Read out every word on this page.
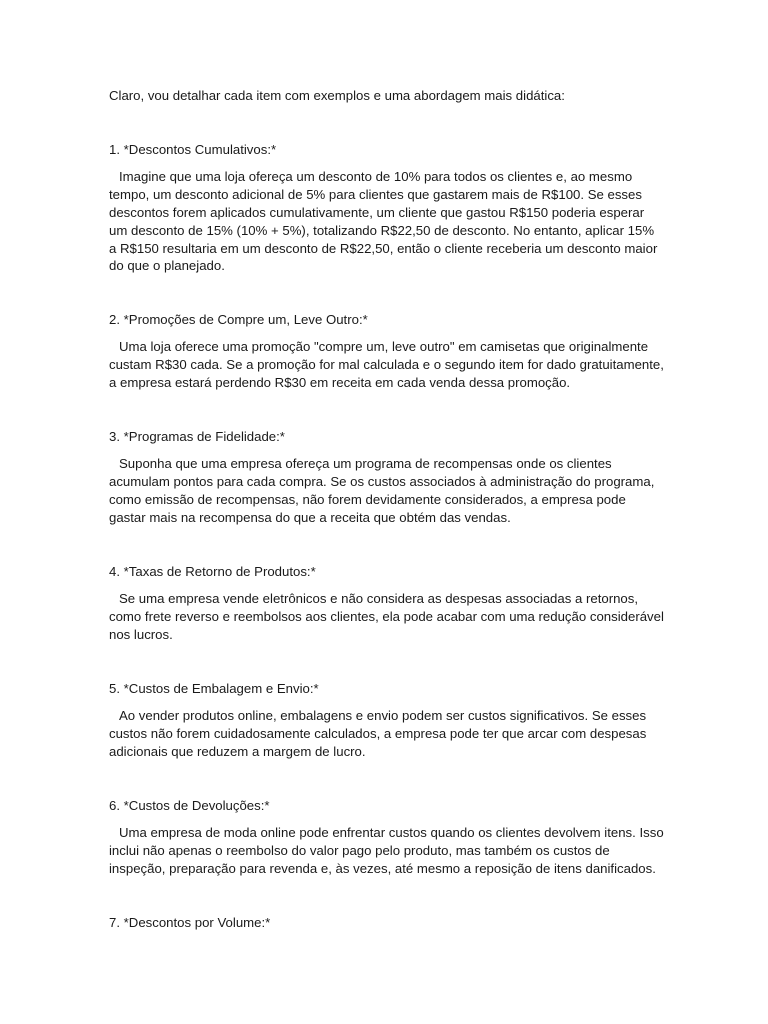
Claro, vou detalhar cada item com exemplos e uma abordagem mais didática:

1. *Descontos Cumulativos:*

Imagine que uma loja ofereça um desconto de 10% para todos os clientes e, ao mesmo tempo, um desconto adicional de 5% para clientes que gastarem mais de R$100. Se esses descontos forem aplicados cumulativamente, um cliente que gastou R$150 poderia esperar um desconto de 15% (10% + 5%), totalizando R$22,50 de desconto. No entanto, aplicar 15% a R$150 resultaria em um desconto de R$22,50, então o cliente receberia um desconto maior do que o planejado.

2. *Promoções de Compre um, Leve Outro:*

Uma loja oferece uma promoção "compre um, leve outro" em camisetas que originalmente custam R$30 cada. Se a promoção for mal calculada e o segundo item for dado gratuitamente, a empresa estará perdendo R$30 em receita em cada venda dessa promoção.

3. *Programas de Fidelidade:*

Suponha que uma empresa ofereça um programa de recompensas onde os clientes acumulam pontos para cada compra. Se os custos associados à administração do programa, como emissão de recompensas, não forem devidamente considerados, a empresa pode gastar mais na recompensa do que a receita que obtém das vendas.

4. *Taxas de Retorno de Produtos:*

Se uma empresa vende eletrônicos e não considera as despesas associadas a retornos, como frete reverso e reembolsos aos clientes, ela pode acabar com uma redução considerável nos lucros.

5. *Custos de Embalagem e Envio:*

Ao vender produtos online, embalagens e envio podem ser custos significativos. Se esses custos não forem cuidadosamente calculados, a empresa pode ter que arcar com despesas adicionais que reduzem a margem de lucro.

6. *Custos de Devoluções:*

Uma empresa de moda online pode enfrentar custos quando os clientes devolvem itens. Isso inclui não apenas o reembolso do valor pago pelo produto, mas também os custos de inspeção, preparação para revenda e, às vezes, até mesmo a reposição de itens danificados.

7. *Descontos por Volume:*
